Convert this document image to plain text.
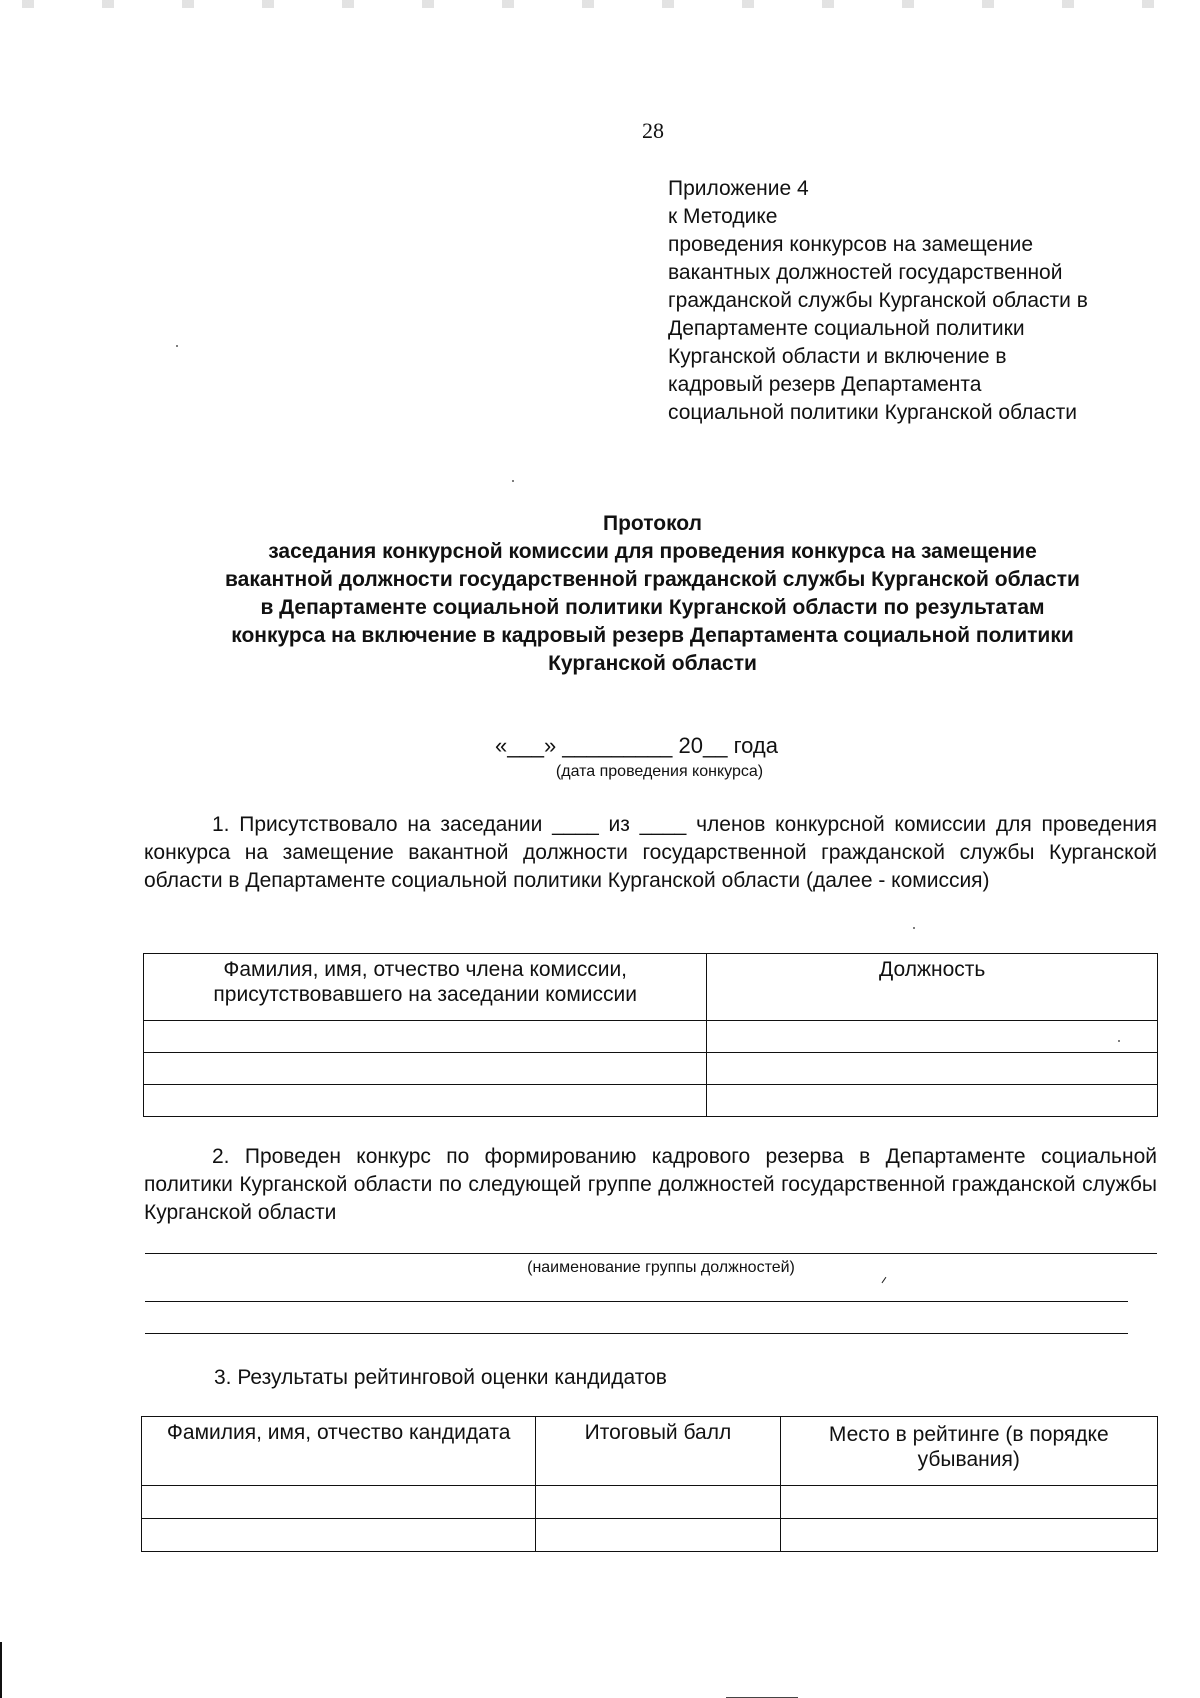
28
Приложение 4
к Методике
проведения конкурсов на замещение
вакантных должностей государственной
гражданской службы Курганской области в
Департаменте социальной политики
Курганской области и включение в
кадровый резерв Департамента
социальной политики Курганской области
Протокол
заседания конкурсной комиссии для проведения конкурса на замещение
вакантной должности государственной гражданской службы Курганской области
в Департаменте социальной политики Курганской области по результатам
конкурса на включение в кадровый резерв Департамента социальной политики
Курганской области
«___» _________ 20__ года
(дата проведения конкурса)
1. Присутствовало на заседании ____ из ____ членов конкурсной комиссии для проведения конкурса на замещение вакантной должности государственной гражданской службы Курганской области в Департаменте социальной политики Курганской области (далее - комиссия)
Фамилия, имя, отчество члена комиссии, присутствовавшего на заседании комиссии	Должность

2. Проведен конкурс по формированию кадрового резерва в Департаменте социальной политики Курганской области по следующей группе должностей государственной гражданской службы Курганской области
(наименование группы должностей)
3. Результаты рейтинговой оценки кандидатов
Фамилия, имя, отчество кандидата	Итоговый балл	Место в рейтинге (в порядке убывания)
